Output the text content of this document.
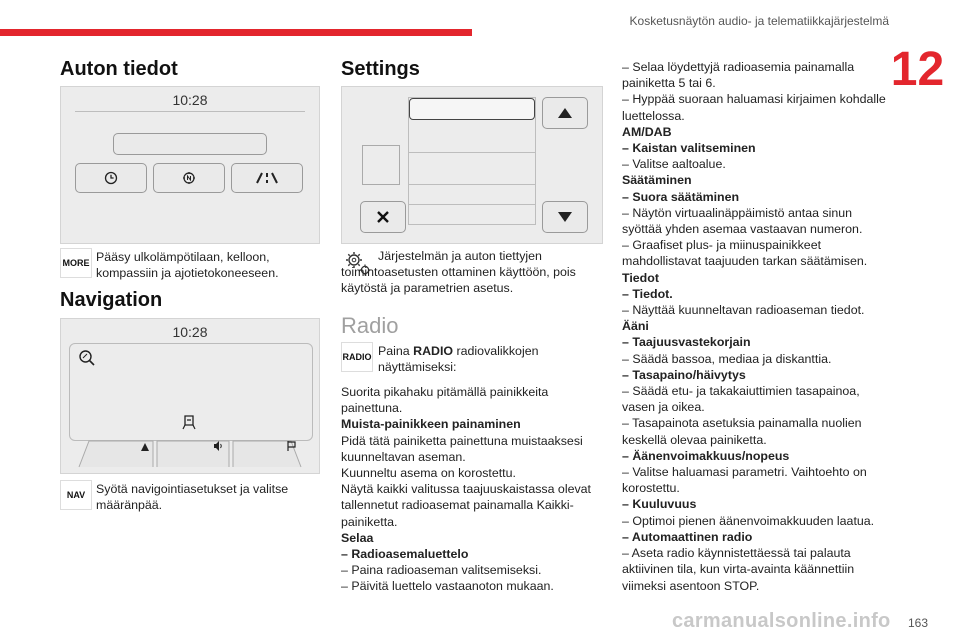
Kosketusnäytön audio- ja telematiikkajärjestelmä
12
Auton tiedot
10:28
MORE Pääsy ulkolämpötilaan, kelloon, kompassiin ja ajotietokoneeseen.
Navigation
10:28
NAV Syötä navigointiasetukset ja valitse määränpää.
Settings
Järjestelmän ja auton tiettyjen toimintoasetusten ottaminen käyttöön, pois käytöstä ja parametrien asetus.
Radio
RADIO Paina RADIO radiovalikkojen näyttämiseksi:

Suorita pikahaku pitämällä painikkeita painettuna.

Muista-painikkeen painaminen

Pidä tätä painiketta painettuna muistaaksesi kuunneltavan aseman.

Kuunneltu asema on korostettu.

Näytä kaikki valitussa taajuuskaistassa olevat tallennetut radioasemat painamalla Kaikki-painiketta.

Selaa
– Radioasemaluettelo

– Paina radioaseman valitsemiseksi.

– Päivitä luettelo vastaanoton mukaan.

– Selaa löydettyjä radioasemia painamalla painiketta 5 tai 6.

– Hyppää suoraan haluamasi kirjaimen kohdalle luettelossa.

AM/DAB
– Kaistan valitseminen

– Valitse aaltoalue.

Säätäminen
– Suora säätäminen

– Näytön virtuaalinäppäimistö antaa sinun syöttää yhden asemaa vastaavan numeron.

– Graafiset plus- ja miinuspainikkeet mahdollistavat taajuuden tarkan säätämisen.

Tiedot
– Tiedot.

– Näyttää kuunneltavan radioaseman tiedot.

Ääni
– Taajuusvastekorjain

– Säädä bassoa, mediaa ja diskanttia.

– Tasapaino/häivytys

– Säädä etu- ja takakaiuttimien tasapainoa, vasen ja oikea.

– Tasapainota asetuksia painamalla nuolien keskellä olevaa painiketta.

– Äänenvoimakkuus/nopeus

– Valitse haluamasi parametri. Vaihtoehto on korostettu.

– Kuuluvuus

– Optimoi pienen äänenvoimakkuuden laatua.

– Automaattinen radio

– Aseta radio käynnistettäessä tai palauta aktiivinen tila, kun virta-avainta käännettiin viimeksi asentoon STOP.

carmanualsonline.info 163
